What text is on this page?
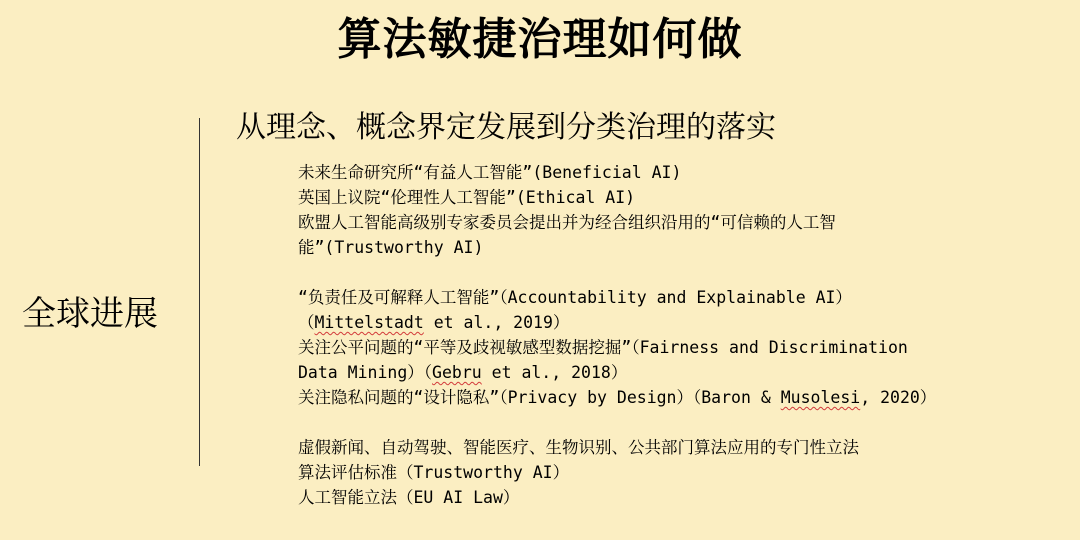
算法敏捷治理如何做
全球进展
从理念、概念界定发展到分类治理的落实
未来生命研究所“有益人工智能”(Beneficial AI)
英国上议院“伦理性人工智能”(Ethical AI)
欧盟人工智能高级别专家委员会提出并为经合组织沿用的“可信赖的人工智
能”(Trustworthy AI)
“负责任及可解释人工智能”（Accountability and Explainable AI）
（Mittelstadt et al., 2019）
关注公平问题的“平等及歧视敏感型数据挖掘”（Fairness and Discrimination
Data Mining）（Gebru et al., 2018）
关注隐私问题的“设计隐私”（Privacy by Design）（Baron & Musolesi, 2020）
虚假新闻、自动驾驶、智能医疗、生物识别、公共部门算法应用的专门性立法
算法评估标准（Trustworthy AI）
人工智能立法（EU AI Law）
